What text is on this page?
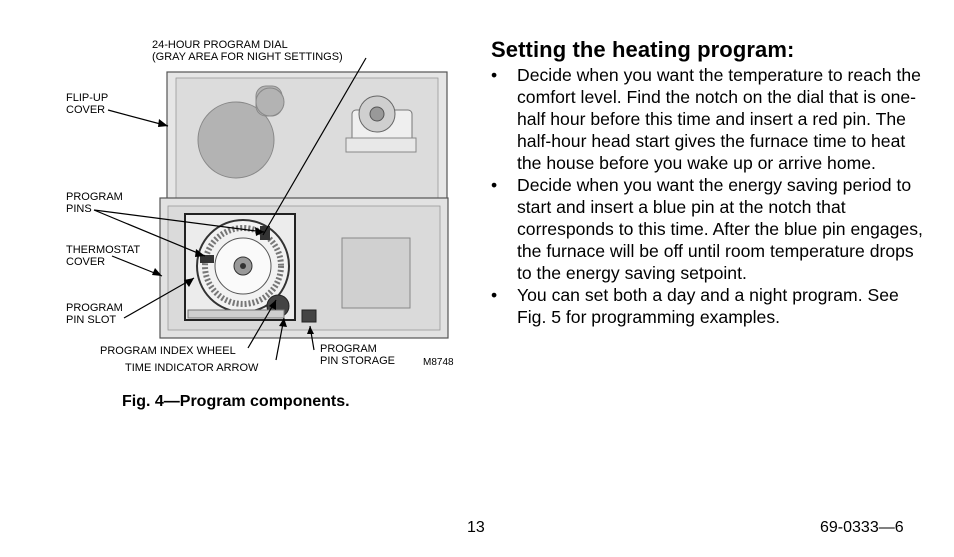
24-HOUR PROGRAM DIAL
(GRAY AREA FOR NIGHT SETTINGS)
FLIP-UP
COVER
PROGRAM
PINS
THERMOSTAT
COVER
PROGRAM
PIN SLOT
PROGRAM INDEX WHEEL
TIME INDICATOR ARROW
PROGRAM
PIN STORAGE	M8748
Fig. 4—Program components.
Setting the heating program:
• Decide when you want the temperature to reach the comfort level. Find the notch on the dial that is one-half hour before this time and insert a red pin. The half-hour head start gives the furnace time to heat the house before you wake up or arrive home.
• Decide when you want the energy saving period to start and insert a blue pin at the notch that corresponds to this time. After the blue pin engages, the furnace will be off until room temperature drops to the energy saving setpoint.
• You can set both a day and a night program. See Fig. 5 for programming examples.
13	69-0333—6
